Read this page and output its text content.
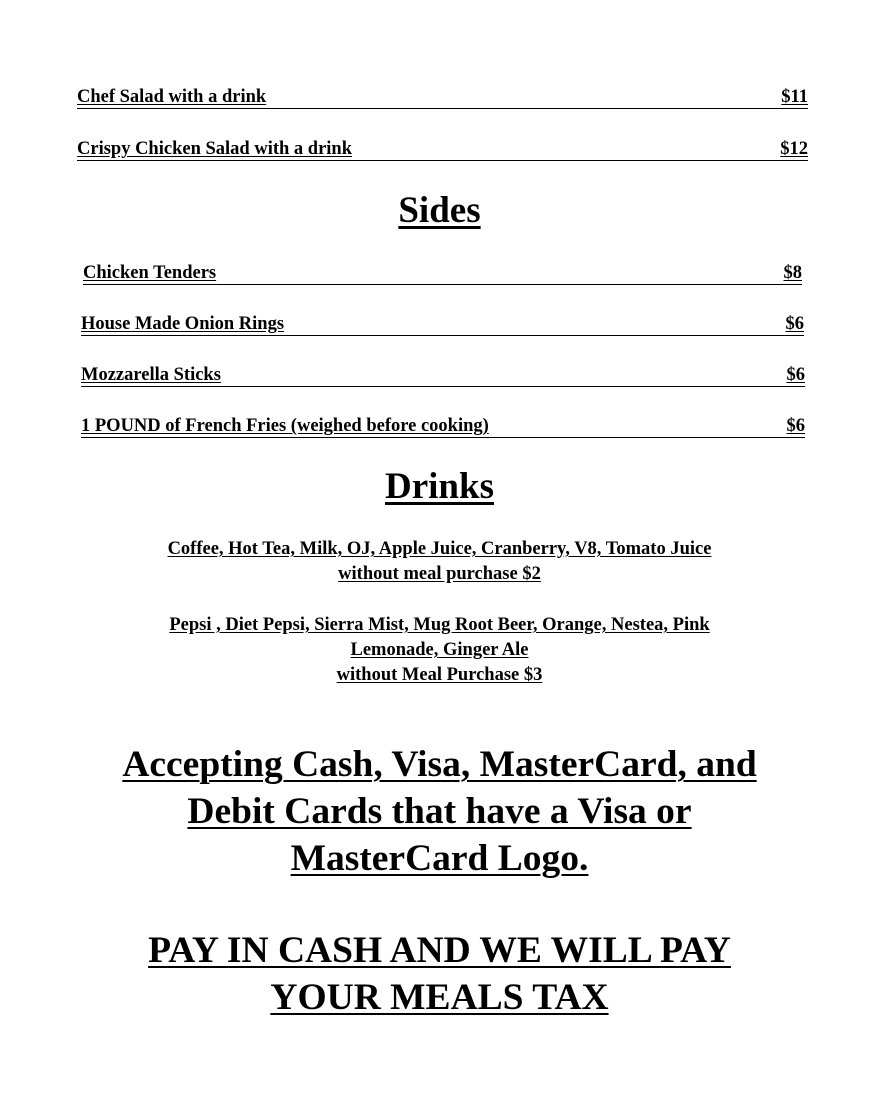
Chef Salad with a drink	$11
Crispy Chicken Salad with a drink	$12
Sides
Chicken Tenders	$8
House Made Onion Rings	$6
Mozzarella Sticks	$6
1 POUND of French Fries (weighed before cooking)	$6
Drinks
Coffee, Hot Tea, Milk, OJ, Apple Juice, Cranberry, V8, Tomato Juice
without meal purchase $2
Pepsi , Diet Pepsi, Sierra Mist, Mug Root Beer, Orange, Nestea, Pink
Lemonade, Ginger Ale
without Meal Purchase $3
Accepting Cash, Visa, MasterCard, and
Debit Cards that have a Visa or
MasterCard Logo.
PAY IN CASH AND WE WILL PAY
YOUR MEALS TAX
